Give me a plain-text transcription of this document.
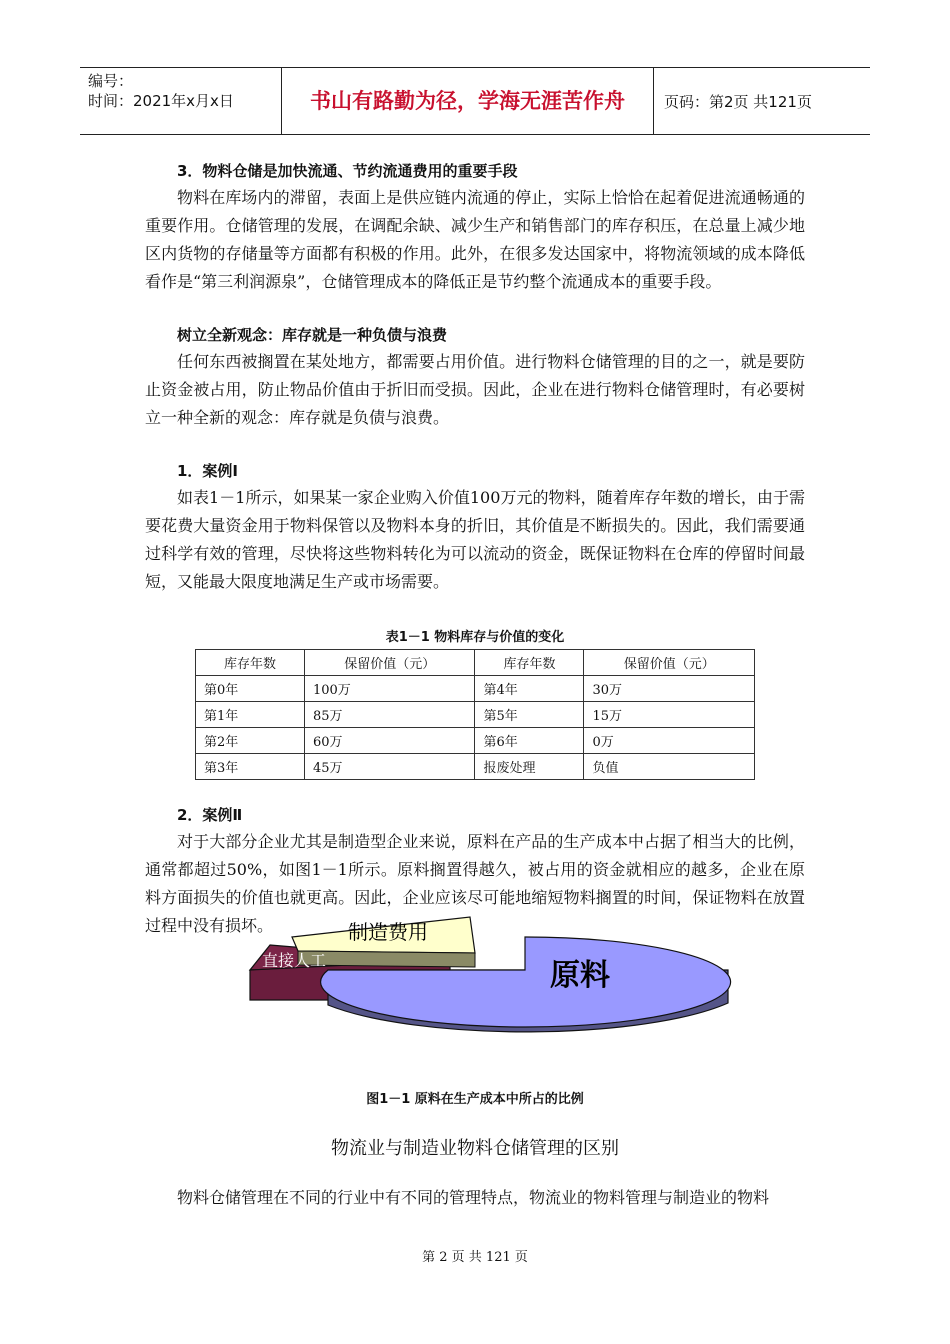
编号：
时间：2021年x月x日	书山有路勤为径，学海无涯苦作舟	页码：第2页 共121页
3．物料仓储是加快流通、节约流通费用的重要手段

物料在库场内的滞留，表面上是供应链内流通的停止，实际上恰恰在起着促进流通畅通的重要作用。仓储管理的发展，在调配余缺、减少生产和销售部门的库存积压，在总量上减少地区内货物的存储量等方面都有积极的作用。此外，在很多发达国家中，将物流领域的成本降低看作是“第三利润源泉”，仓储管理成本的降低正是节约整个流通成本的重要手段。

树立全新观念：库存就是一种负债与浪费

任何东西被搁置在某处地方，都需要占用价值。进行物料仓储管理的目的之一，就是要防止资金被占用，防止物品价值由于折旧而受损。因此，企业在进行物料仓储管理时，有必要树立一种全新的观念：库存就是负债与浪费。

1．案例Ⅰ

如表1－1所示，如果某一家企业购入价值100万元的物料，随着库存年数的增长，由于需要花费大量资金用于物料保管以及物料本身的折旧，其价值是不断损失的。因此，我们需要通过科学有效的管理，尽快将这些物料转化为可以流动的资金，既保证物料在仓库的停留时间最短，又能最大限度地满足生产或市场需要。

表1－1 物料库存与价值的变化
库存年数	保留价值（元）	库存年数	保留价值（元）
第0年	100万	第4年	30万
第1年	85万	第5年	15万
第2年	60万	第6年	0万
第3年	45万	报废处理	负值
2．案例Ⅱ

对于大部分企业尤其是制造型企业来说，原料在产品的生产成本中占据了相当大的比例，通常都超过50%，如图1－1所示。原料搁置得越久，被占用的资金就相应的越多，企业在原料方面损失的价值也就更高。因此，企业应该尽可能地缩短物料搁置的时间，保证物料在放置过程中没有损坏。

原料
直接人工
制造费用
图1－1 原料在生产成本中所占的比例
物流业与制造业物料仓储管理的区别
物料仓储管理在不同的行业中有不同的管理特点，物流业的物料管理与制造业的物料
第 2 页 共 121 页
